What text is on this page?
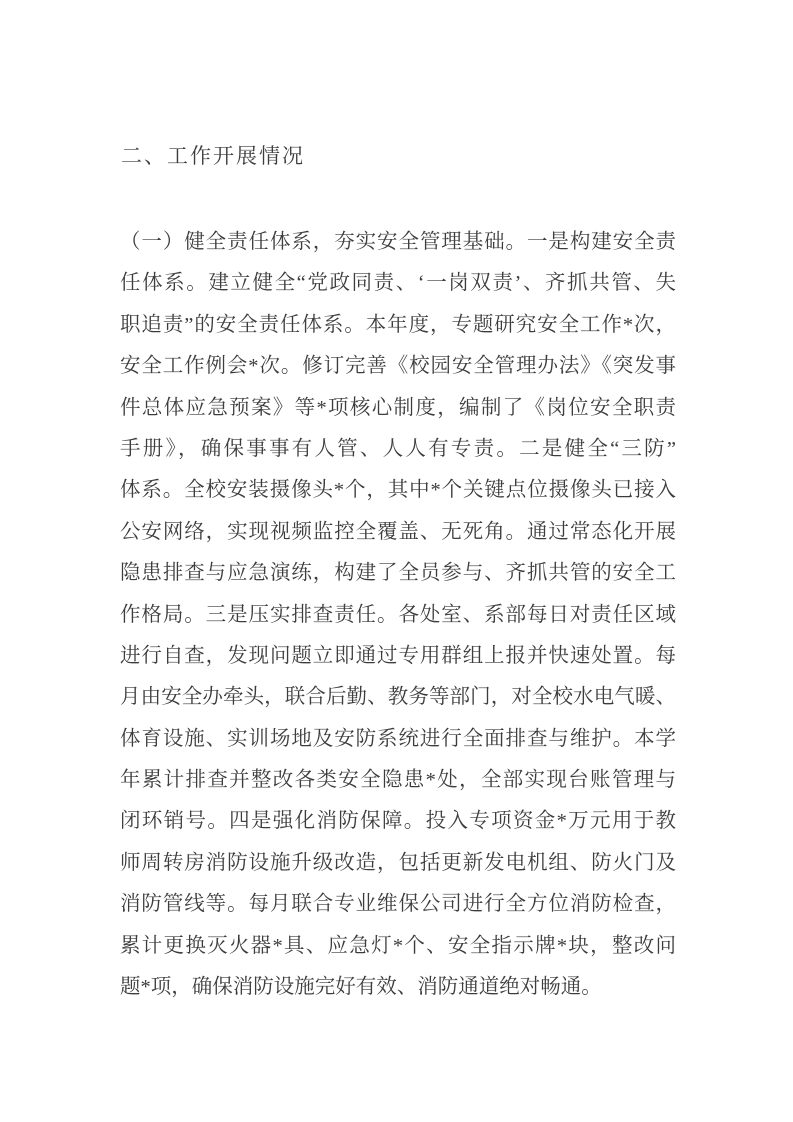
二、工作开展情况
（一）健全责任体系，夯实安全管理基础。一是构建安全责
任体系。建立健全“党政同责、‘一岗双责’、齐抓共管、失
职追责”的安全责任体系。本年度，专题研究安全工作*次，
安全工作例会*次。修订完善《校园安全管理办法》《突发事
件总体应急预案》等*项核心制度，编制了《岗位安全职责
手册》，确保事事有人管、人人有专责。二是健全“三防”
体系。全校安装摄像头*个，其中*个关键点位摄像头已接入
公安网络，实现视频监控全覆盖、无死角。通过常态化开展
隐患排查与应急演练，构建了全员参与、齐抓共管的安全工
作格局。三是压实排查责任。各处室、系部每日对责任区域
进行自查，发现问题立即通过专用群组上报并快速处置。每
月由安全办牵头，联合后勤、教务等部门，对全校水电气暖、
体育设施、实训场地及安防系统进行全面排查与维护。本学
年累计排查并整改各类安全隐患*处，全部实现台账管理与
闭环销号。四是强化消防保障。投入专项资金*万元用于教
师周转房消防设施升级改造，包括更新发电机组、防火门及
消防管线等。每月联合专业维保公司进行全方位消防检查，
累计更换灭火器*具、应急灯*个、安全指示牌*块，整改问
题*项，确保消防设施完好有效、消防通道绝对畅通。
